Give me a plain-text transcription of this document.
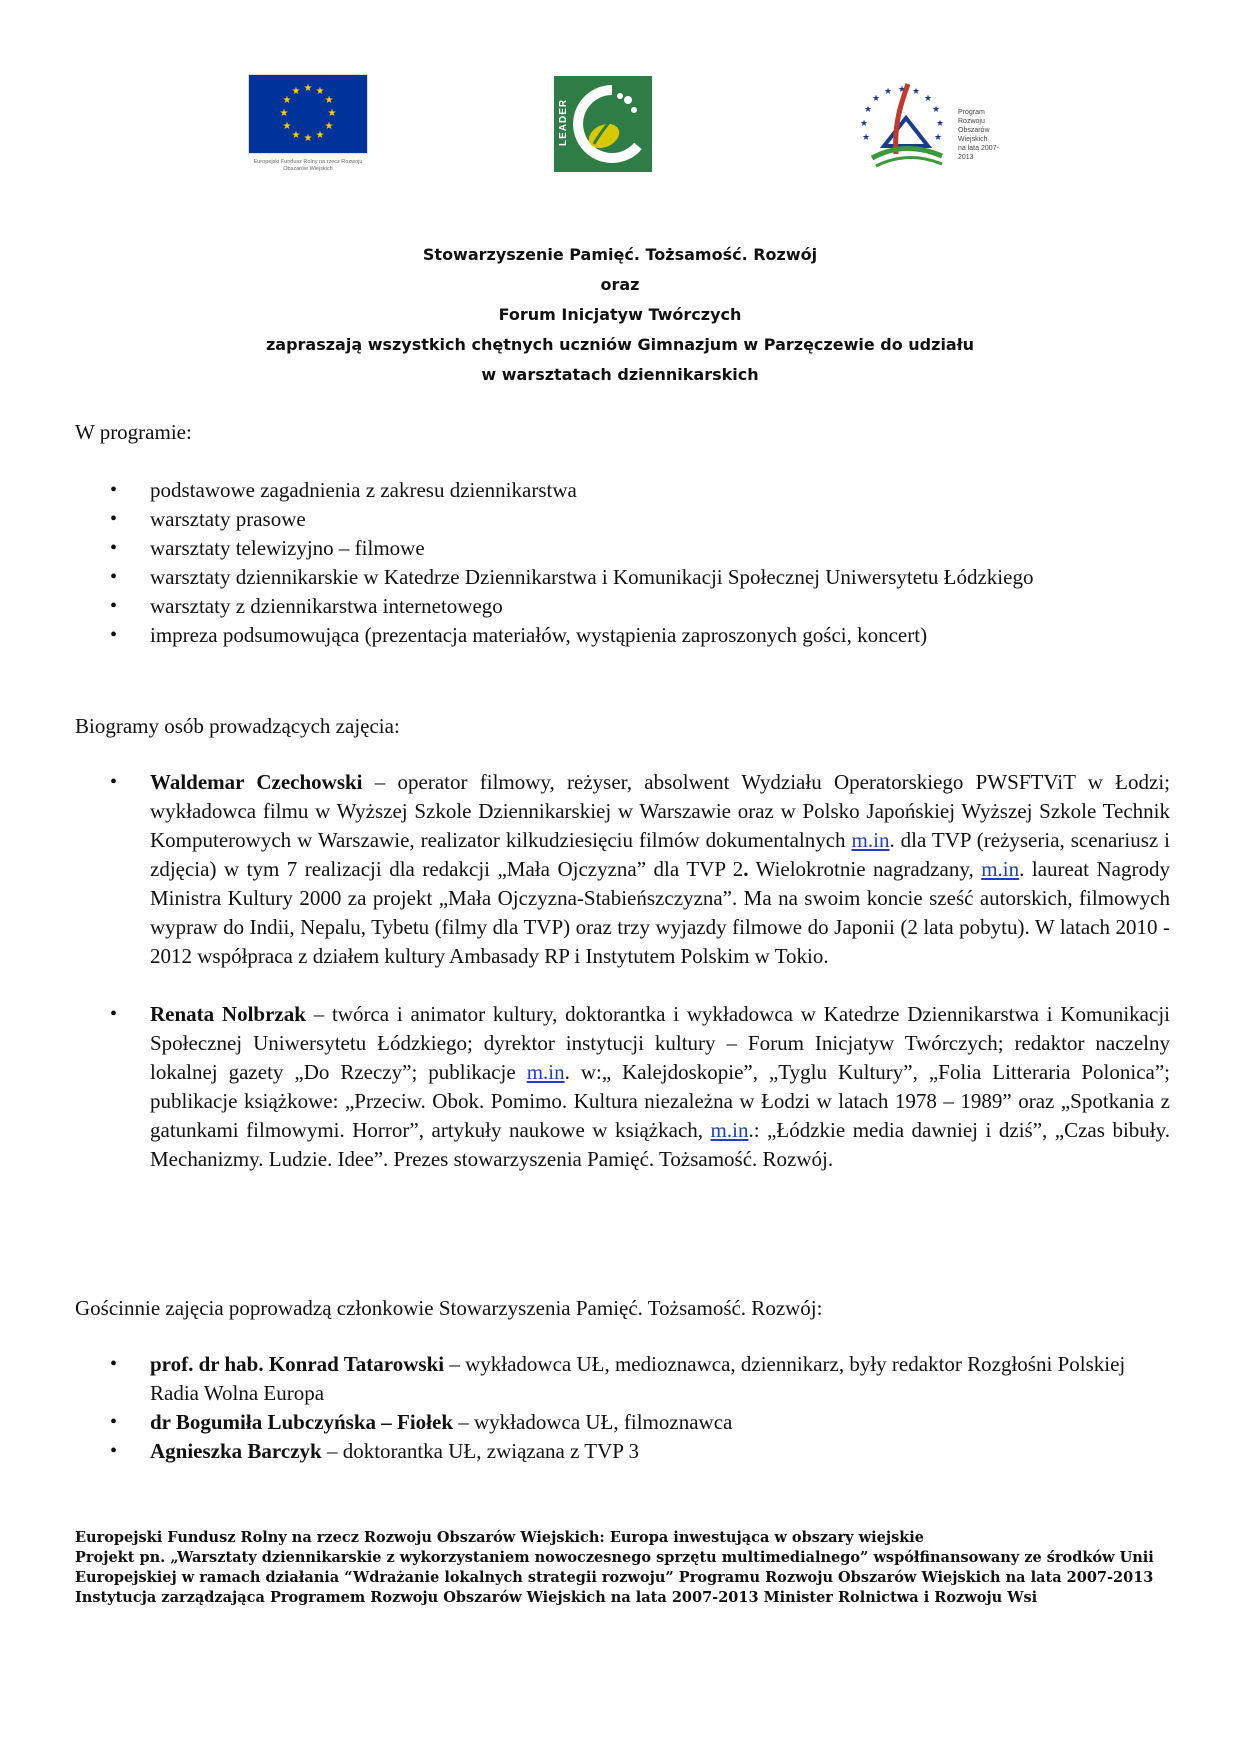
★ ★
★
★
★
★
★
★
★
★
★
★
Europejski Fundusz Rolny na rzecz Rozwoju Obszarów Wiejskich
LEADER	★
★
★
★ ★ ★
★
★
★
★	★
Program
Rozwoju
Obszarów
Wiejskich
na lata 2007-2013
Stowarzyszenie Pamięć. Tożsamość. Rozwój
oraz
Forum Inicjatyw Twórczych
zapraszają wszystkich chętnych uczniów Gimnazjum w Parzęczewie do udziału
w warsztatach dziennikarskich

W programie:

• podstawowe zagadnienia z zakresu dziennikarstwa
• warsztaty prasowe
• warsztaty telewizyjno – filmowe
• warsztaty dziennikarskie w Katedrze Dziennikarstwa i Komunikacji Społecznej Uniwersytetu Łódzkiego
• warsztaty z dziennikarstwa internetowego
• impreza podsumowująca (prezentacja materiałów, wystąpienia zaproszonych gości, koncert)

Biogramy osób prowadzących zajęcia:

• Waldemar Czechowski – operator filmowy, reżyser, absolwent Wydziału Operatorskiego PWSFTViT w Łodzi; wykładowca filmu w Wyższej Szkole Dziennikarskiej w Warszawie oraz w Polsko Japońskiej Wyższej Szkole Technik Komputerowych w Warszawie, realizator kilkudziesięciu filmów dokumentalnych m.in. dla TVP (reżyseria, scenariusz i zdjęcia) w tym 7 realizacji dla redakcji „Mała Ojczyzna” dla TVP 2. Wielokrotnie nagradzany, m.in. laureat Nagrody Ministra Kultury 2000 za projekt „Mała Ojczyzna-Stabieńszczyzna”. Ma na swoim koncie sześć autorskich, filmowych wypraw do Indii, Nepalu, Tybetu (filmy dla TVP) oraz trzy wyjazdy filmowe do Japonii (2 lata pobytu). W latach 2010 - 2012 współpraca z działem kultury Ambasady RP i Instytutem Polskim w Tokio.
• Renata Nolbrzak – twórca i animator kultury, doktorantka i wykładowca w Katedrze Dziennikarstwa i Komunikacji Społecznej Uniwersytetu Łódzkiego; dyrektor instytucji kultury – Forum Inicjatyw Twórczych; redaktor naczelny lokalnej gazety „Do Rzeczy”; publikacje m.in. w:„ Kalejdoskopie”, „Tyglu Kultury”, „Folia Litteraria Polonica”; publikacje książkowe: „Przeciw. Obok. Pomimo. Kultura niezależna w Łodzi w latach 1978 – 1989” oraz „Spotkania z gatunkami filmowymi. Horror”, artykuły naukowe w książkach, m.in.: „Łódzkie media dawniej i dziś”, „Czas bibuły. Mechanizmy. Ludzie. Idee”. Prezes stowarzyszenia Pamięć. Tożsamość. Rozwój.

Gościnnie zajęcia poprowadzą członkowie Stowarzyszenia Pamięć. Tożsamość. Rozwój:

• prof. dr hab. Konrad Tatarowski – wykładowca UŁ, medioznawca, dziennikarz, były redaktor Rozgłośni Polskiej Radia Wolna Europa
• dr Bogumiła Lubczyńska – Fiołek – wykładowca UŁ, filmoznawca
• Agnieszka Barczyk – doktorantka UŁ, związana z TVP 3

Europejski Fundusz Rolny na rzecz Rozwoju Obszarów Wiejskich: Europa inwestująca w obszary wiejskie

Projekt pn. „Warsztaty dziennikarskie z wykorzystaniem nowoczesnego sprzętu multimedialnego” współfinansowany ze środków Unii Europejskiej w ramach działania “Wdrażanie lokalnych strategii rozwoju” Programu Rozwoju Obszarów Wiejskich na lata 2007-2013

Instytucja zarządzająca Programem Rozwoju Obszarów Wiejskich na lata 2007-2013 Minister Rolnictwa i Rozwoju Wsi
